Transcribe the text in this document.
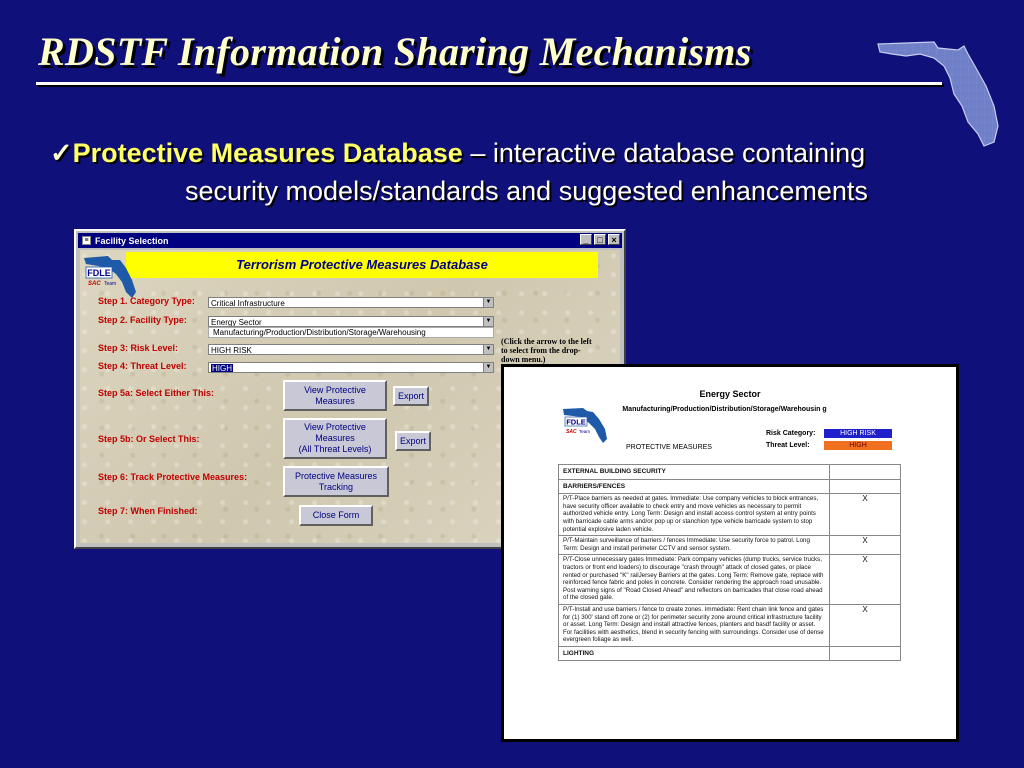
RDSTF Information Sharing Mechanisms
✓Protective Measures Database – interactive database containing
security models/standards and suggested enhancements
≡ Facility Selection	_ □ ×
Terrorism Protective Measures Database
FDLE
SAC Team
Step 1. Category Type:	Critical Infrastructure	▼
Step 2. Facility Type:	Energy Sector	▼
Manufacturing/Production/Distribution/Storage/Warehousing
(Click the arrow to the left to select from the drop-down menu.)
Step 3: Risk Level:	HIGH RISK	▼
Step 4: Threat Level:	HIGH	▼
Step 5a: Select Either This:	View Protective
Measures	Export
Step 5b: Or Select This:
View Protective
Measures
(All Threat Levels)
Export
Step 6: Track Protective Measures:	Protective Measures
Tracking
Step 7: When Finished:	Close Form
Energy Sector
Manufacturing/Production/Distribution/Storage/Warehousin g
FDLE
SAC Team
PROTECTIVE MEASURES
Risk Category:	HIGH RISK
Threat Level:	HIGH
EXTERNAL BUILDING SECURITY	
BARRIERS/FENCES	
P/T-Place barriers as needed at gates. Immediate: Use company vehicles to block entrances, have security officer available to check entry and move vehicles as necessary to permit authorized vehicle entry. Long Term: Design and install access control system at entry points with barricade cable arms and/or pop up or stanchion type vehicle barricade system to stop potential explosive laden vehicle.	X
P/T-Maintain surveillance of barriers / fences Immediate: Use security force to patrol. Long Term: Design and install perimeter CCTV and sensor system.	X
P/T-Close unnecessary gates Immediate: Park company vehicles (dump trucks, service trucks, tractors or front end loaders) to discourage "crash through" attack of closed gates, or place rented or purchased "K" railJersey Barriers at the gates. Long Term: Remove gate, replace with reinforced fence fabric and poles in concrete. Consider rendering the approach road unusable. Post warning signs of "Road Closed Ahead" and reflectors on barricades that close road ahead of the closed gate.	X
P/T-Install and use barriers / fence to create zones. Immediate: Rent chain link fence and gates for (1) 300' stand off zone or (2) for perimeter security zone around critical infrastructure facility or asset. Long Term: Design and install attractive fences, planters and basdf facility or asset. For facilities with aesthetics, blend in security fencing with surroundings. Consider use of dense evergreen foliage as well.	X
LIGHTING	
